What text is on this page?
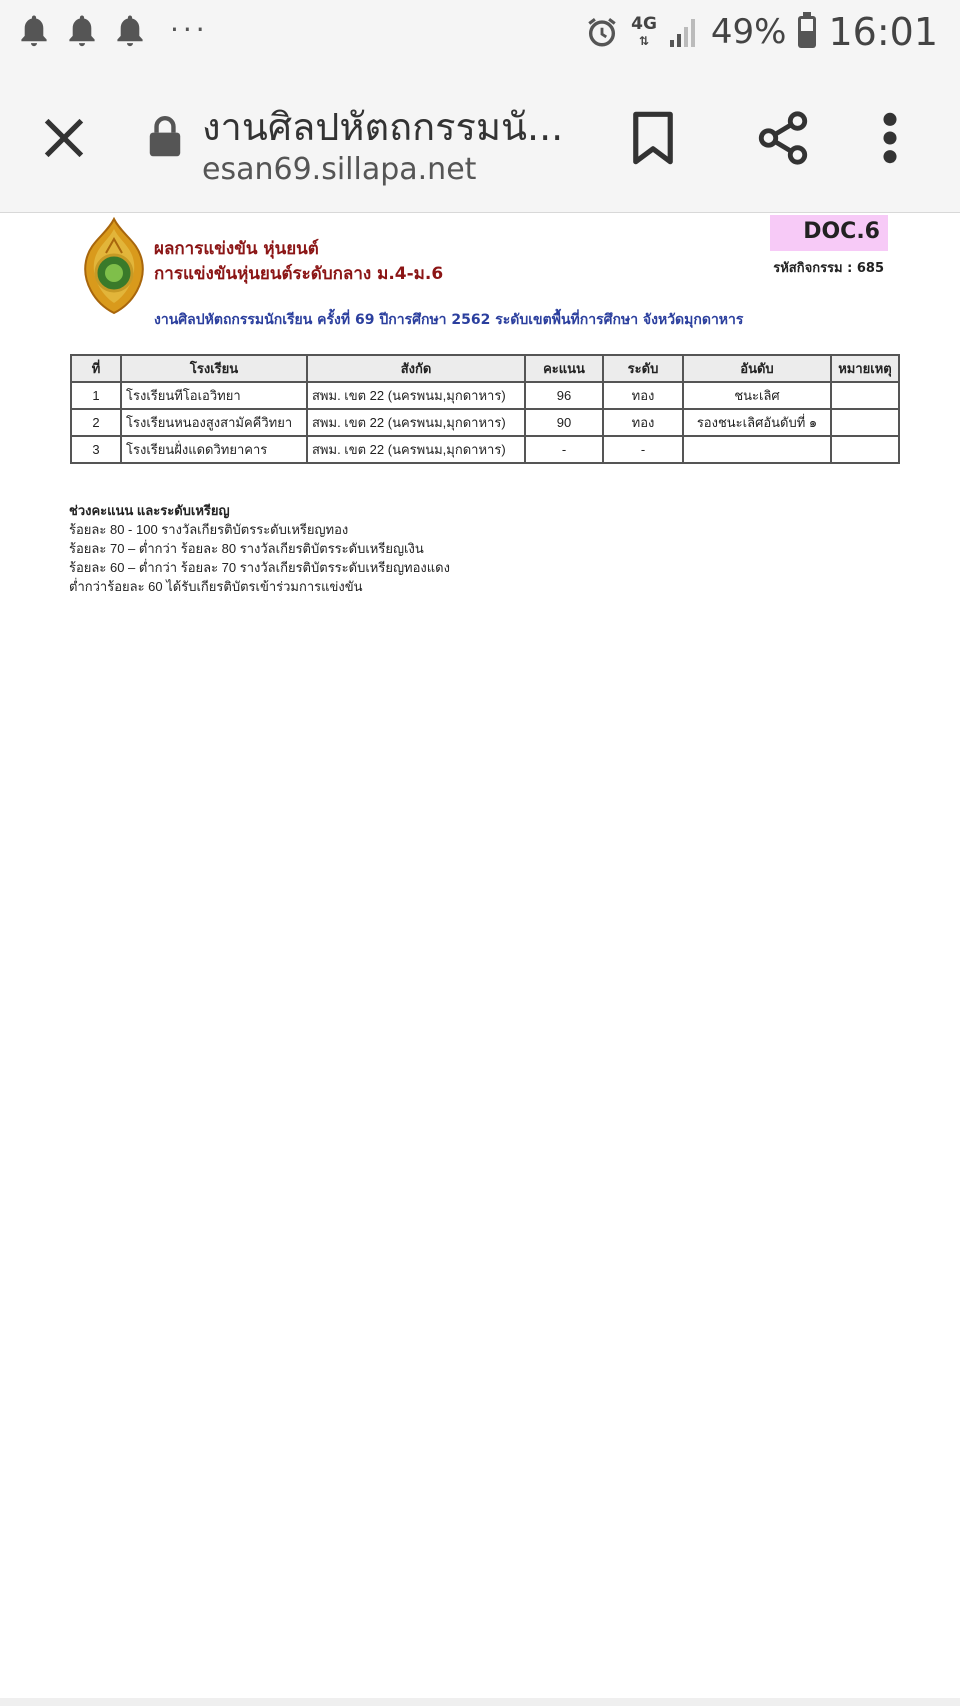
···	4G
⇅ 49% 16:01
งานศิลปหัตถกรรมนั...
esan69.sillapa.net
ผลการแข่งขัน หุ่นยนต์
การแข่งขันหุ่นยนต์ระดับกลาง ม.4-ม.6
DOC.6
รหัสกิจกรรม : 685
งานศิลปหัตถกรรมนักเรียน ครั้งที่ 69 ปีการศึกษา 2562 ระดับเขตพื้นที่การศึกษา จังหวัดมุกดาหาร
ที่	โรงเรียน	สังกัด	คะแนน	ระดับ	อันดับ	หมายเหตุ
1	โรงเรียนทีโอเอวิทยา	สพม. เขต 22 (นครพนม,มุกดาหาร)	96	ทอง	ชนะเลิศ	
2	โรงเรียนหนองสูงสามัคคีวิทยา	สพม. เขต 22 (นครพนม,มุกดาหาร)	90	ทอง	รองชนะเลิศอันดับที่ ๑	
3	โรงเรียนฝั่งแดดวิทยาคาร	สพม. เขต 22 (นครพนม,มุกดาหาร)	-	-		
ช่วงคะแนน และระดับเหรียญ
ร้อยละ 80 - 100 รางวัลเกียรติบัตรระดับเหรียญทอง
ร้อยละ 70 – ต่ำกว่า ร้อยละ 80 รางวัลเกียรติบัตรระดับเหรียญเงิน
ร้อยละ 60 – ต่ำกว่า ร้อยละ 70 รางวัลเกียรติบัตรระดับเหรียญทองแดง
ต่ำกว่าร้อยละ 60 ได้รับเกียรติบัตรเข้าร่วมการแข่งขัน
